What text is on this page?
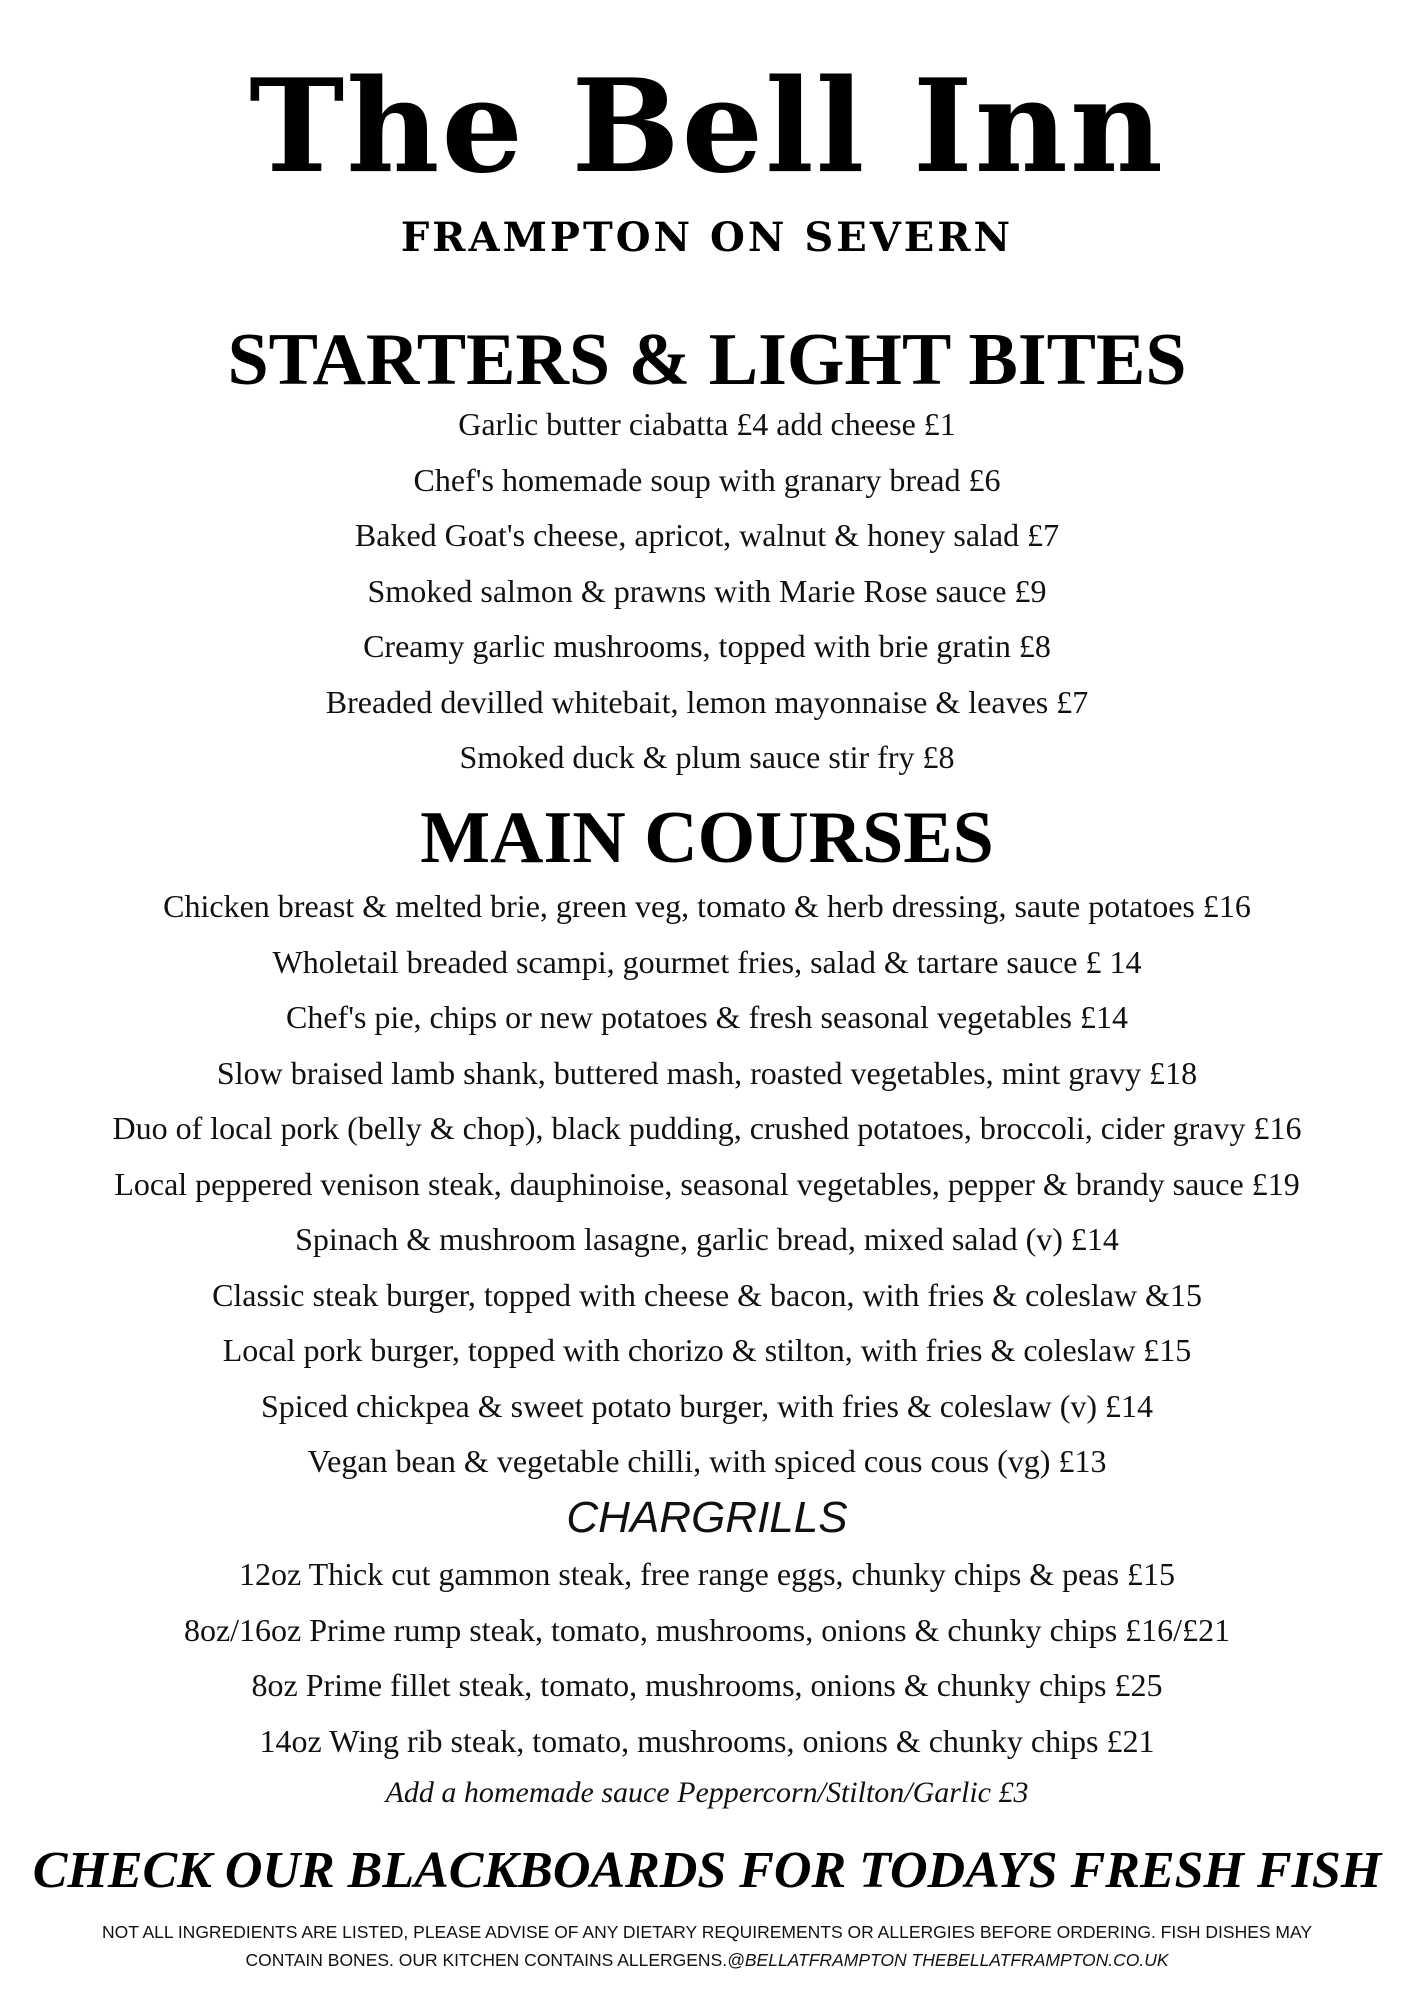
The Bell Inn
FRAMPTON ON SEVERN
STARTERS & LIGHT BITES
Garlic butter ciabatta £4 add cheese £1
Chef's homemade soup with granary bread £6
Baked Goat's cheese, apricot, walnut & honey salad £7
Smoked salmon & prawns with Marie Rose sauce £9
Creamy garlic mushrooms, topped with brie gratin £8
Breaded devilled whitebait, lemon mayonnaise & leaves £7
Smoked duck & plum sauce stir fry £8
MAIN COURSES
Chicken breast & melted brie, green veg, tomato & herb dressing, saute potatoes £16
Wholetail breaded scampi, gourmet fries, salad & tartare sauce £ 14
Chef's pie, chips or new potatoes & fresh seasonal vegetables £14
Slow braised lamb shank, buttered mash, roasted vegetables, mint gravy £18
Duo of local pork (belly & chop), black pudding, crushed potatoes, broccoli, cider gravy £16
Local peppered venison steak, dauphinoise, seasonal vegetables, pepper & brandy sauce £19
Spinach & mushroom lasagne, garlic bread, mixed salad (v) £14
Classic steak burger, topped with cheese & bacon, with fries & coleslaw &15
Local pork burger, topped with chorizo & stilton, with fries & coleslaw £15
Spiced chickpea & sweet potato burger, with fries & coleslaw (v) £14
Vegan bean & vegetable chilli, with spiced cous cous (vg) £13
CHARGRILLS
12oz Thick cut gammon steak, free range eggs, chunky chips & peas £15
8oz/16oz Prime rump steak, tomato, mushrooms, onions & chunky chips £16/£21
8oz Prime fillet steak, tomato, mushrooms, onions & chunky chips £25
14oz Wing rib steak, tomato, mushrooms, onions & chunky chips £21
Add a homemade sauce Peppercorn/Stilton/Garlic £3
CHECK OUR BLACKBOARDS FOR TODAYS FRESH FISH
NOT ALL INGREDIENTS ARE LISTED, PLEASE ADVISE OF ANY DIETARY REQUIREMENTS OR ALLERGIES BEFORE ORDERING. FISH DISHES MAY CONTAIN BONES. OUR KITCHEN CONTAINS ALLERGENS.@BELLATFRAMPTON THEBELLATFRAMPTON.CO.UK
